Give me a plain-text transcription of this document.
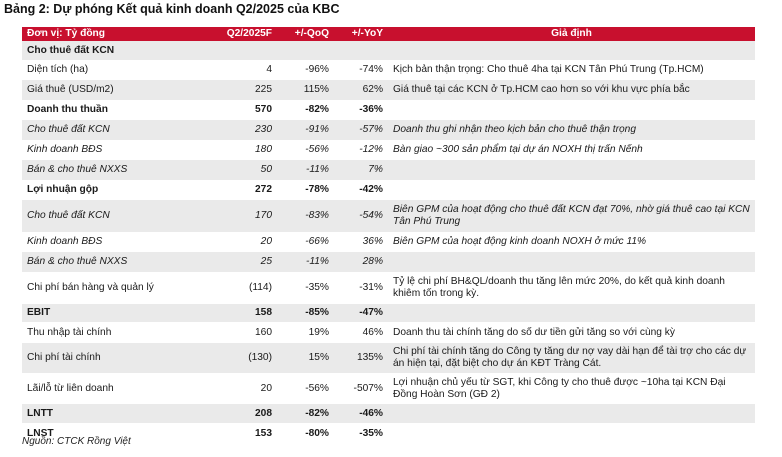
Bảng 2: Dự phóng Kết quả kinh doanh Q2/2025 của KBC
Đơn vị: Tỷ đồng	Q2/2025F	+/-QoQ	+/-YoY	Giả định
Cho thuê đất KCN				
Diện tích (ha)	4	-96%	-74%	Kịch bản thận trọng: Cho thuê 4ha tại KCN Tân Phú Trung (Tp.HCM)
Giá thuê (USD/m2)	225	115%	62%	Giá thuê tại các KCN ở Tp.HCM cao hơn so với khu vực phía bắc
Doanh thu thuần	570	-82%	-36%	
Cho thuê đất KCN	230	-91%	-57%	Doanh thu ghi nhận theo kịch bản cho thuê thận trọng
Kinh doanh BĐS	180	-56%	-12%	Bàn giao ~300 sản phẩm tại dự án NOXH thị trấn Nếnh
Bán & cho thuê NXXS	50	-11%	7%	
Lợi nhuận gộp	272	-78%	-42%	
Cho thuê đất KCN	170	-83%	-54%	Biên GPM của hoạt động cho thuê đất KCN đạt 70%, nhờ giá thuê cao tại KCN Tân Phú Trung
Kinh doanh BĐS	20	-66%	36%	Biên GPM của hoạt động kinh doanh NOXH ở mức 11%
Bán & cho thuê NXXS	25	-11%	28%	
Chi phí bán hàng và quản lý	(114)	-35%	-31%	Tỷ lệ chi phí BH&QL/doanh thu tăng lên mức 20%, do kết quả kinh doanh khiêm tốn trong kỳ.
EBIT	158	-85%	-47%	
Thu nhập tài chính	160	19%	46%	Doanh thu tài chính tăng do số dư tiền gửi tăng so với cùng kỳ
Chi phí tài chính	(130)	15%	135%	Chi phí tài chính tăng do Công ty tăng dư nợ vay dài hạn để tài trợ cho các dự án hiện tại, đặt biệt cho dự án KĐT Tràng Cát.
Lãi/lỗ từ liên doanh	20	-56%	-507%	Lợi nhuận chủ yếu từ SGT, khi Công ty cho thuê được ~10ha tại KCN Đại Đồng Hoàn Sơn (GĐ 2)
LNTT	208	-82%	-46%	
LNST	153	-80%	-35%	
Nguồn: CTCK Rồng Việt
